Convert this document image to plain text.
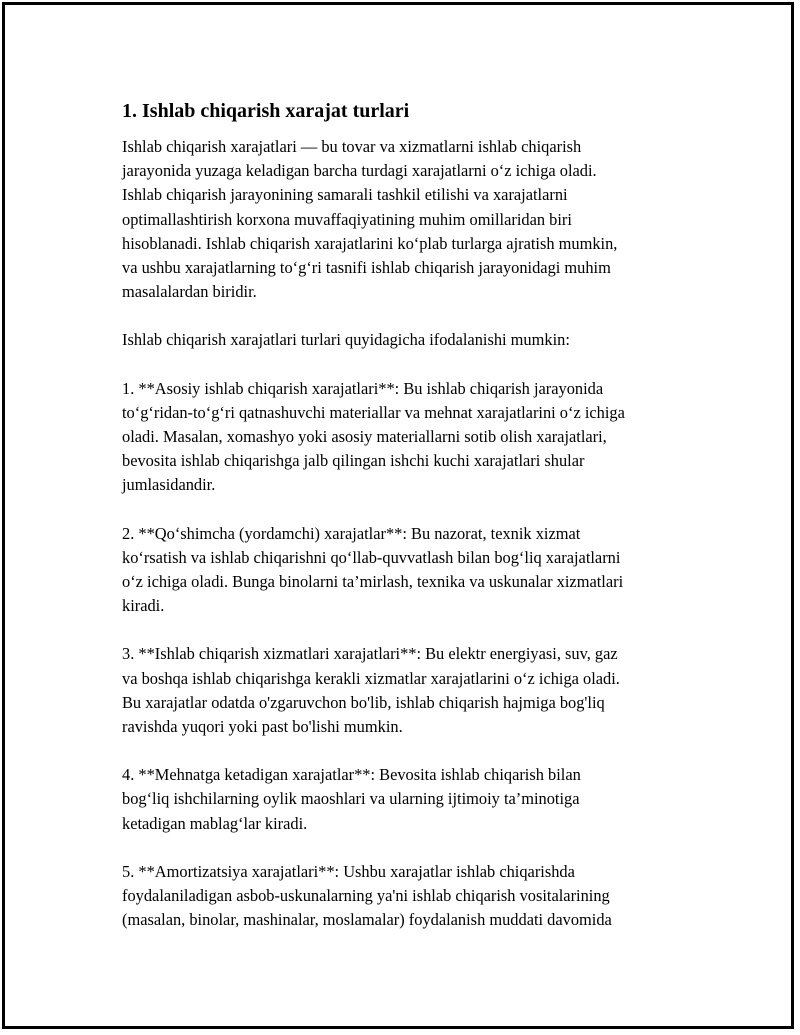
1. Ishlab chiqarish xarajat turlari

Ishlab chiqarish xarajatlari — bu tovar va xizmatlarni ishlab chiqarish
jarayonida yuzaga keladigan barcha turdagi xarajatlarni o‘z ichiga oladi.
Ishlab chiqarish jarayonining samarali tashkil etilishi va xarajatlarni
optimallashtirish korxona muvaffaqiyatining muhim omillaridan biri
hisoblanadi. Ishlab chiqarish xarajatlarini ko‘plab turlarga ajratish mumkin,
va ushbu xarajatlarning to‘g‘ri tasnifi ishlab chiqarish jarayonidagi muhim
masalalardan biridir.

Ishlab chiqarish xarajatlari turlari quyidagicha ifodalanishi mumkin:

1. **Asosiy ishlab chiqarish xarajatlari**: Bu ishlab chiqarish jarayonida
to‘g‘ridan-to‘g‘ri qatnashuvchi materiallar va mehnat xarajatlarini o‘z ichiga
oladi. Masalan, xomashyo yoki asosiy materiallarni sotib olish xarajatlari,
bevosita ishlab chiqarishga jalb qilingan ishchi kuchi xarajatlari shular
jumlasidandir.

2. **Qo‘shimcha (yordamchi) xarajatlar**: Bu nazorat, texnik xizmat
ko‘rsatish va ishlab chiqarishni qo‘llab-quvvatlash bilan bog‘liq xarajatlarni
o‘z ichiga oladi. Bunga binolarni ta’mirlash, texnika va uskunalar xizmatlari
kiradi.

3. **Ishlab chiqarish xizmatlari xarajatlari**: Bu elektr energiyasi, suv, gaz
va boshqa ishlab chiqarishga kerakli xizmatlar xarajatlarini o‘z ichiga oladi.
Bu xarajatlar odatda o'zgaruvchon bo'lib, ishlab chiqarish hajmiga bog'liq
ravishda yuqori yoki past bo'lishi mumkin.

4. **Mehnatga ketadigan xarajatlar**: Bevosita ishlab chiqarish bilan
bog‘liq ishchilarning oylik maoshlari va ularning ijtimoiy ta’minotiga
ketadigan mablag‘lar kiradi.

5. **Amortizatsiya xarajatlari**: Ushbu xarajatlar ishlab chiqarishda
foydalaniladigan asbob-uskunalarning ya'ni ishlab chiqarish vositalarining
(masalan, binolar, mashinalar, moslamalar) foydalanish muddati davomida
